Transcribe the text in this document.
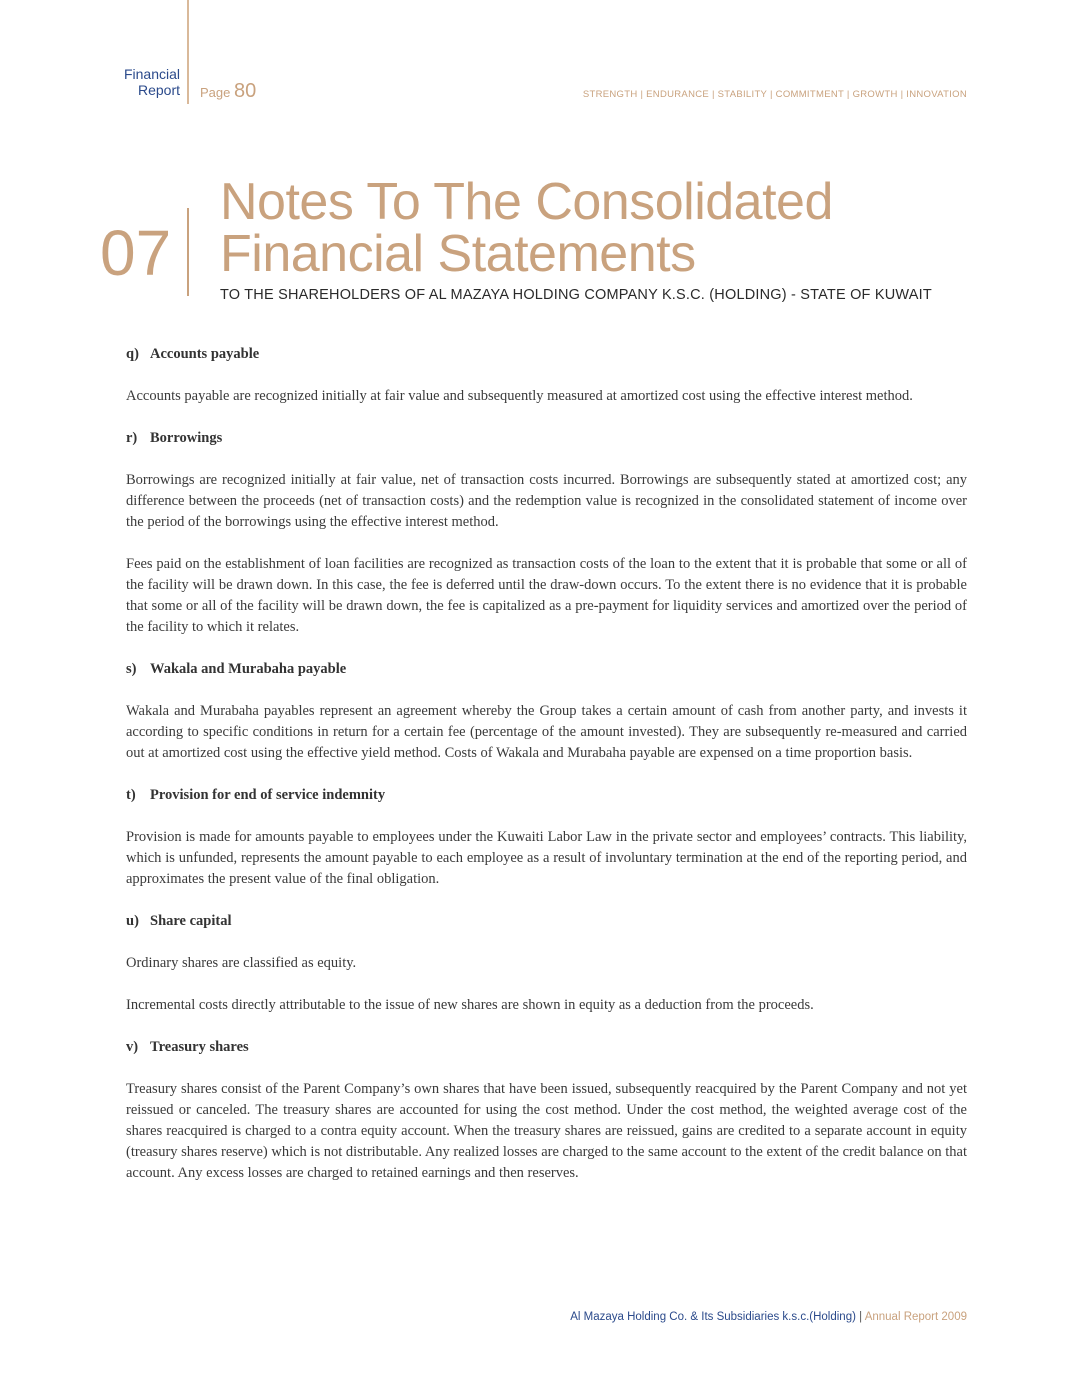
Financial
Report Page 80	STRENGTH | ENDURANCE | STABILITY | COMMITMENT | GROWTH | INNOVATION
07
Notes To The Consolidated
Financial Statements
TO THE SHAREHOLDERS OF AL MAZAYA HOLDING COMPANY K.S.C. (HOLDING) - STATE OF KUWAIT
q) Accounts payable

Accounts payable are recognized initially at fair value and subsequently measured at amortized cost using the effective interest method.

r) Borrowings

Borrowings are recognized initially at fair value, net of transaction costs incurred. Borrowings are subsequently stated at amortized cost; any difference between the proceeds (net of transaction costs) and the redemption value is recognized in the consolidated statement of income over the period of the borrowings using the effective interest method.

Fees paid on the establishment of loan facilities are recognized as transaction costs of the loan to the extent that it is probable that some or all of the facility will be drawn down. In this case, the fee is deferred until the draw-down occurs. To the extent there is no evidence that it is probable that some or all of the facility will be drawn down, the fee is capitalized as a pre-payment for liquidity services and amortized over the period of the facility to which it relates.

s) Wakala and Murabaha payable

Wakala and Murabaha payables represent an agreement whereby the Group takes a certain amount of cash from another party, and invests it according to specific conditions in return for a certain fee (percentage of the amount invested). They are subsequently re-measured and carried out at amortized cost using the effective yield method. Costs of Wakala and Murabaha payable are expensed on a time proportion basis.

t) Provision for end of service indemnity

Provision is made for amounts payable to employees under the Kuwaiti Labor Law in the private sector and employees’ contracts. This liability, which is unfunded, represents the amount payable to each employee as a result of involuntary termination at the end of the reporting period, and approximates the present value of the final obligation.

u) Share capital

Ordinary shares are classified as equity.

Incremental costs directly attributable to the issue of new shares are shown in equity as a deduction from the proceeds.

v) Treasury shares

Treasury shares consist of the Parent Company’s own shares that have been issued, subsequently reacquired by the Parent Company and not yet reissued or canceled. The treasury shares are accounted for using the cost method. Under the cost method, the weighted average cost of the shares reacquired is charged to a contra equity account. When the treasury shares are reissued, gains are credited to a separate account in equity (treasury shares reserve) which is not distributable. Any realized losses are charged to the same account to the extent of the credit balance on that account. Any excess losses are charged to retained earnings and then reserves.

Al Mazaya Holding Co. & Its Subsidiaries k.s.c.(Holding) | Annual Report 2009
